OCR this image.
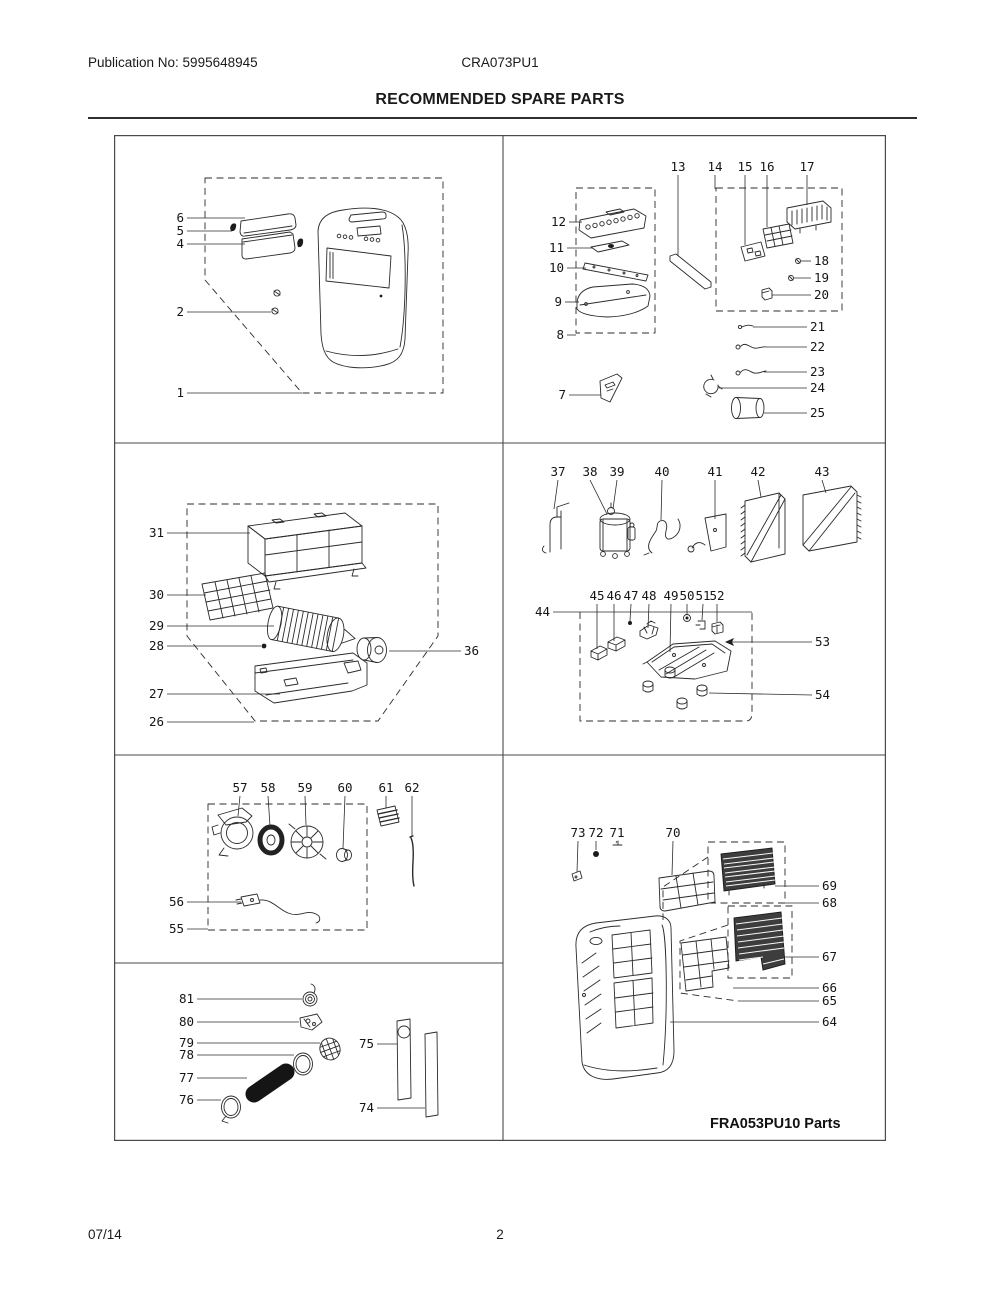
Publication No: 5995648945	CRA073PU1
RECOMMENDED SPARE PARTS
FRA053PU10 Parts
6
5
4
2
1
12
11
10
9
8
7
13 14 15 16 17
18
19
20
21
22
23
24
25
31
30
29
28
27
26
36
37 38 39 40	41 42	43
44
45 46 47 48 49 50 51
52
53
54
57 58 59 60 61 62
56
55
81
80
79
78
77
76
75
74
73 72 71	70
69
68
67
66
65
64
07/14	2
